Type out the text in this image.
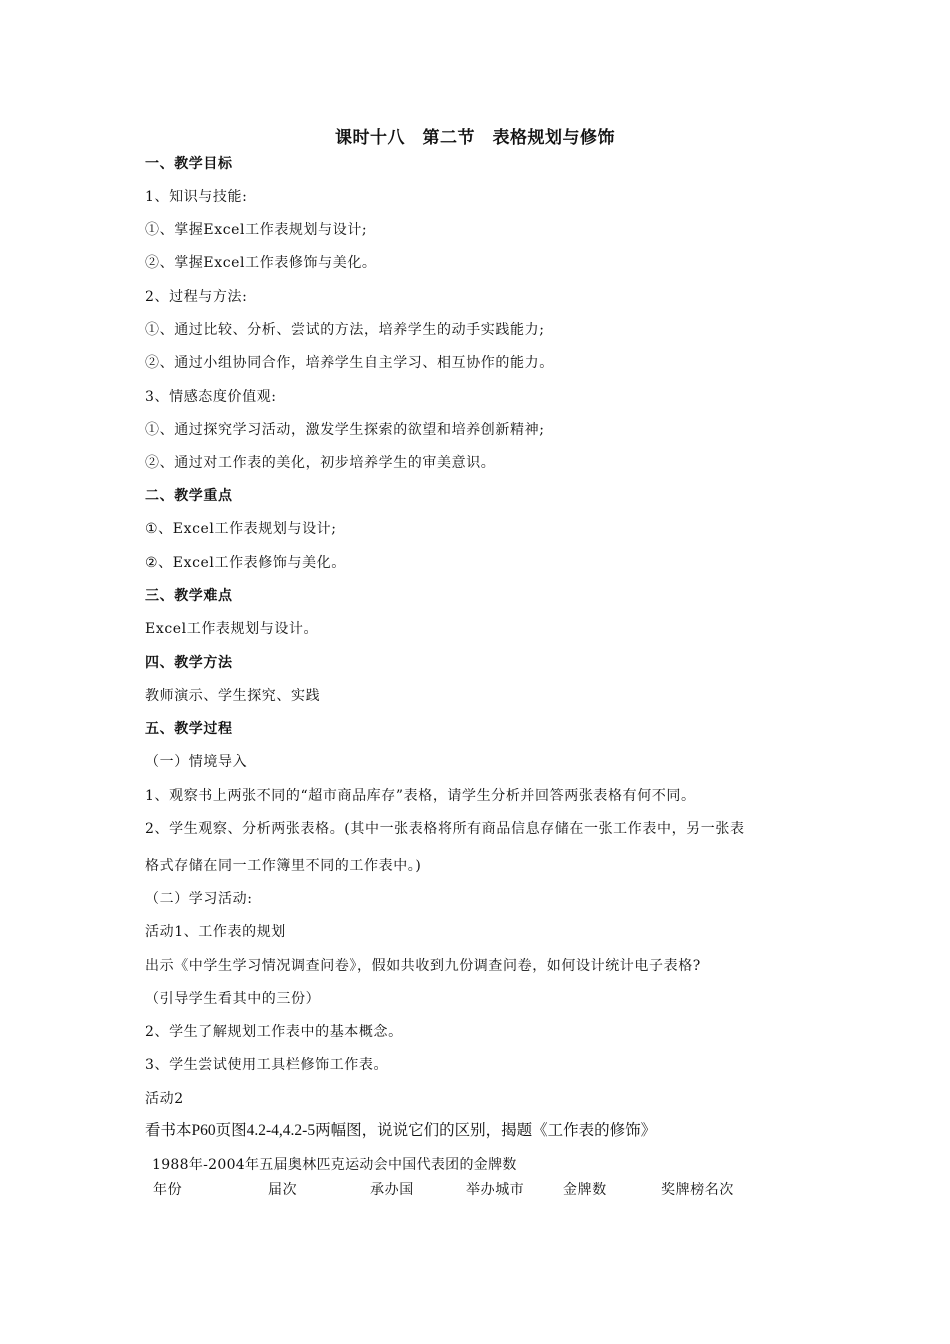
课时十八　第二节　表格规划与修饰
一、教学目标
1、知识与技能:
①、掌握Excel工作表规划与设计;
②、掌握Excel工作表修饰与美化。
2、过程与方法:
①、通过比较、分析、尝试的方法，培养学生的动手实践能力;
②、通过小组协同合作，培养学生自主学习、相互协作的能力。
3、情感态度价值观:
①、通过探究学习活动，激发学生探索的欲望和培养创新精神;
②、通过对工作表的美化，初步培养学生的审美意识。
二、教学重点
①、Excel工作表规划与设计;
②、Excel工作表修饰与美化。
三、教学难点
Excel工作表规划与设计。
四、教学方法
教师演示、学生探究、实践
五、教学过程
（一）情境导入
1、观察书上两张不同的“超市商品库存”表格，请学生分析并回答两张表格有何不同。
2、学生观察、分析两张表格。(其中一张表格将所有商品信息存储在一张工作表中，另一张表
格式存储在同一工作簿里不同的工作表中。)
（二）学习活动:
活动1、工作表的规划
出示《中学生学习情况调查问卷》，假如共收到九份调查问卷，如何设计统计电子表格?
（引导学生看其中的三份）
2、学生了解规划工作表中的基本概念。
3、学生尝试使用工具栏修饰工作表。
活动2
看书本P60页图4.2-4,4.2-5两幅图，说说它们的区别，揭题《工作表的修饰》
1988年-2004年五届奥林匹克运动会中国代表团的金牌数
年份	届次	承办国	举办城市	金牌数	奖牌榜名次
